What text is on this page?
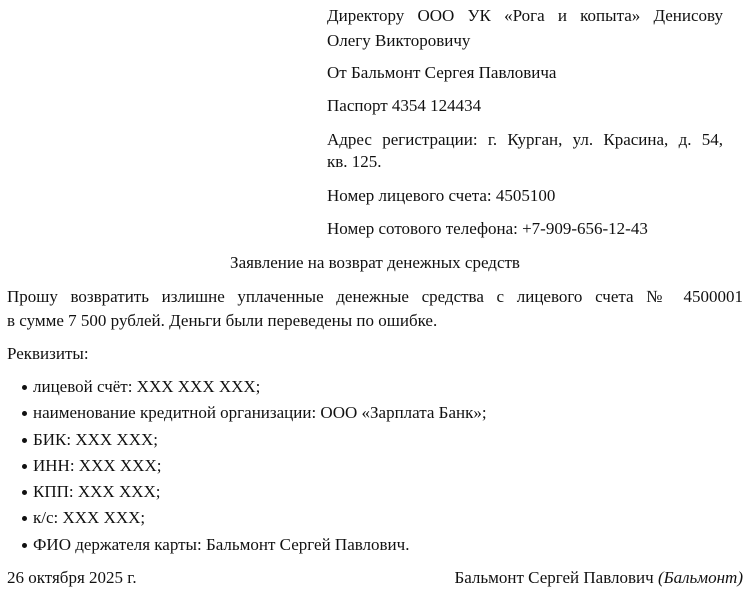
Директору ООО УК «Рога и копыта» Денисову
Олегу Викторовичу
От Бальмонт Сергея Павловича
Паспорт 4354 124434
Адрес регистрации: г. Курган, ул. Красина, д. 54,
кв. 125.
Номер лицевого счета: 4505100
Номер сотового телефона: +7-909-656-12-43
Заявление на возврат денежных средств
Прошу возвратить излишне уплаченные денежные средства с лицевого счета № 4500001
в сумме 7 500 рублей. Деньги были переведены по ошибке.
Реквизиты:
лицевой счёт: ХХХ ХХХ ХХХ;
наименование кредитной организации: ООО «Зарплата Банк»;
БИК: ХХХ ХХХ;
ИНН: ХХХ ХХХ;
КПП: ХХХ ХХХ;
к/с: ХХХ ХХХ;
ФИО держателя карты: Бальмонт Сергей Павлович.
26 октября 2025 г.	Бальмонт Сергей Павлович (Бальмонт)
